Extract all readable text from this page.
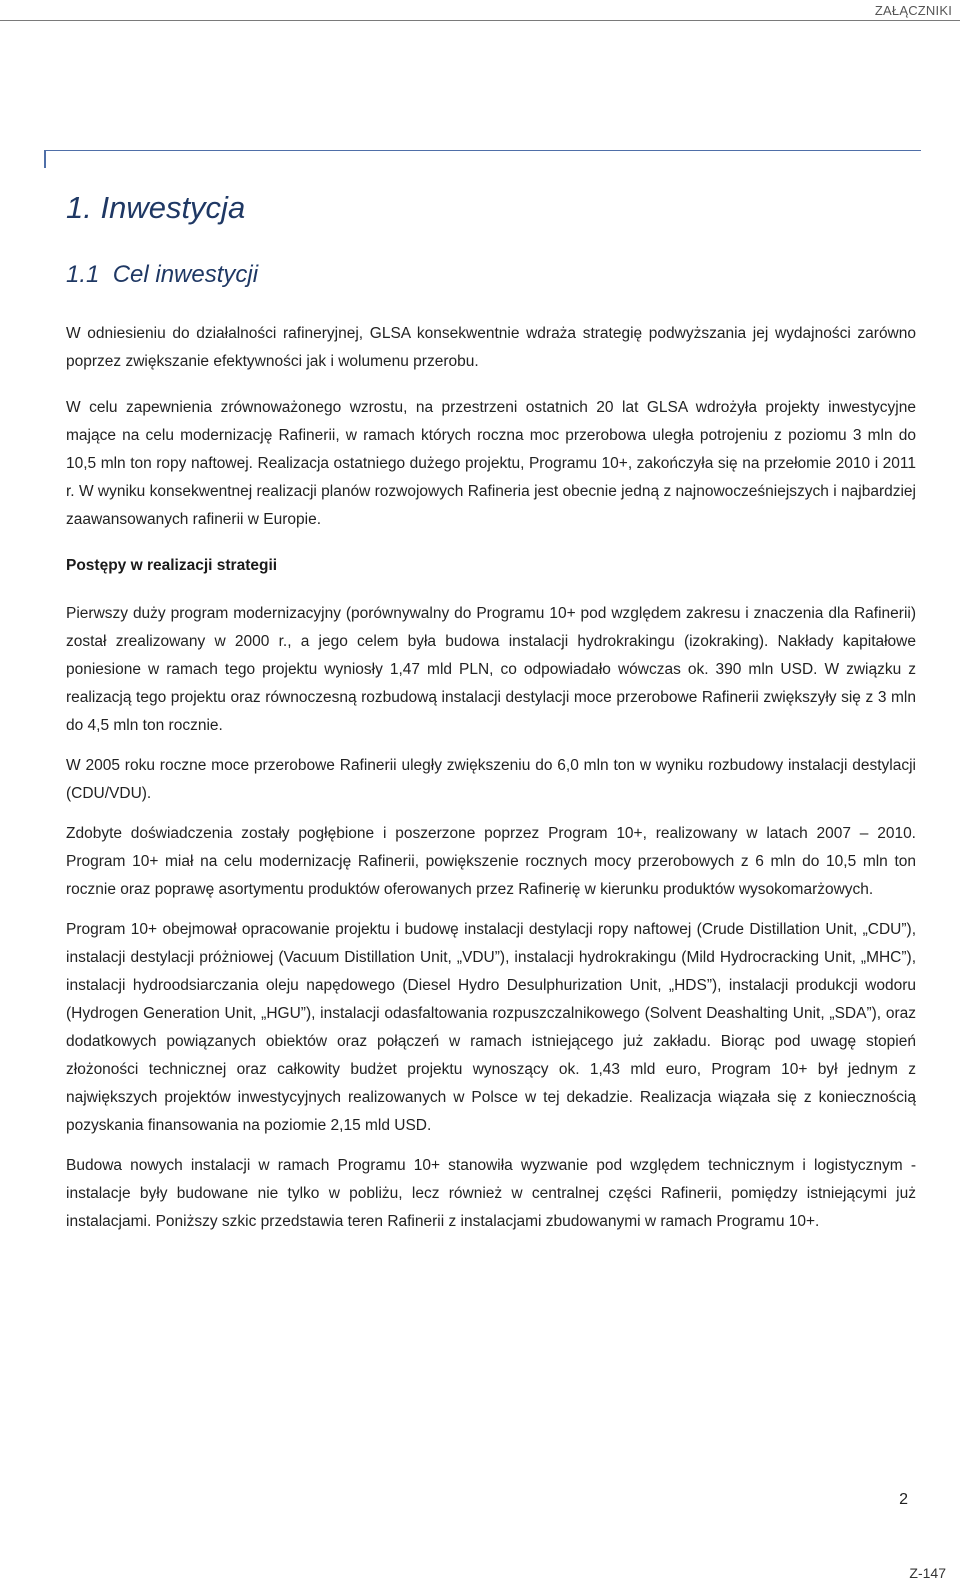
ZAŁĄCZNIKI
1. Inwestycja
1.1  Cel inwestycji

W odniesieniu do działalności rafineryjnej, GLSA konsekwentnie wdraża strategię podwyższania jej wydajności zarówno poprzez zwiększanie efektywności jak i wolumenu przerobu.

W celu zapewnienia zrównoważonego wzrostu, na przestrzeni ostatnich 20 lat GLSA wdrożyła projekty inwestycyjne mające na celu modernizację Rafinerii, w ramach których roczna moc przerobowa uległa potrojeniu z poziomu 3 mln do 10,5 mln ton ropy naftowej. Realizacja ostatniego dużego projektu, Programu 10+, zakończyła się na przełomie 2010 i 2011 r. W wyniku konsekwentnej realizacji planów rozwojowych Rafineria jest obecnie jedną z najnowocześniejszych i najbardziej zaawansowanych rafinerii w Europie.

Postępy w realizacji strategii

Pierwszy duży program modernizacyjny (porównywalny do Programu 10+ pod względem zakresu i znaczenia dla Rafinerii) został zrealizowany w 2000 r., a jego celem była budowa instalacji hydrokrakingu (izokraking). Nakłady kapitałowe poniesione w ramach tego projektu wyniosły 1,47 mld PLN, co odpowiadało wówczas ok. 390 mln USD. W związku z realizacją tego projektu oraz równoczesną rozbudową instalacji destylacji moce przerobowe Rafinerii zwiększyły się z 3 mln do 4,5 mln ton rocznie.

W 2005 roku roczne moce przerobowe Rafinerii uległy zwiększeniu do 6,0 mln ton w wyniku rozbudowy instalacji destylacji (CDU/VDU).

Zdobyte doświadczenia zostały pogłębione i poszerzone poprzez Program 10+, realizowany w latach 2007 – 2010. Program 10+ miał na celu modernizację Rafinerii, powiększenie rocznych mocy przerobowych z 6 mln do 10,5 mln ton rocznie oraz poprawę asortymentu produktów oferowanych przez Rafinerię w kierunku produktów wysokomarżowych.

Program 10+ obejmował opracowanie projektu i budowę instalacji destylacji ropy naftowej (Crude Distillation Unit, „CDU”), instalacji destylacji próżniowej (Vacuum Distillation Unit, „VDU”), instalacji hydrokrakingu (Mild Hydrocracking Unit, „MHC”), instalacji hydroodsiarczania oleju napędowego (Diesel Hydro Desulphurization Unit, „HDS”), instalacji produkcji wodoru (Hydrogen Generation Unit, „HGU”), instalacji odasfaltowania rozpuszczalnikowego (Solvent Deashalting Unit, „SDA”), oraz dodatkowych powiązanych obiektów oraz połączeń w ramach istniejącego już zakładu. Biorąc pod uwagę stopień złożoności technicznej oraz całkowity budżet projektu wynoszący ok. 1,43 mld euro, Program 10+ był jednym z największych projektów inwestycyjnych realizowanych w Polsce w tej dekadzie. Realizacja wiązała się z koniecznością pozyskania finansowania na poziomie 2,15 mld USD.

Budowa nowych instalacji w ramach Programu 10+ stanowiła wyzwanie pod względem technicznym i logistycznym - instalacje były budowane nie tylko w pobliżu, lecz również w centralnej części Rafinerii, pomiędzy istniejącymi już instalacjami. Poniższy szkic przedstawia teren Rafinerii z instalacjami zbudowanymi w ramach Programu 10+.

2
Z-147
